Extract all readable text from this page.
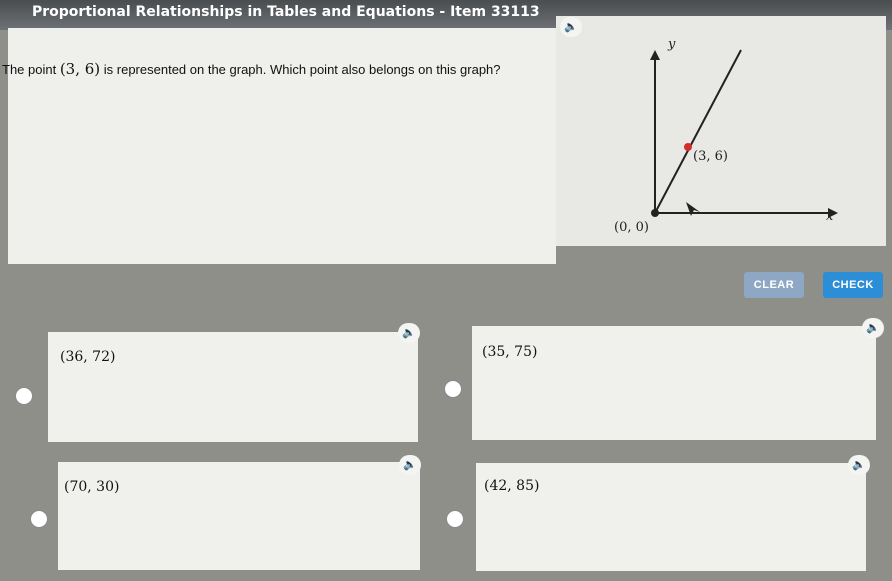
Proportional Relationships in Tables and Equations - Item 33113
🔈
The point (3, 6) is represented on the graph. Which point also belongs on this graph?
y
x
(3, 6)
(0, 0)
CLEAR	CHECK
🔈
(36, 72)
🔈
(35, 75)
🔈
(70, 30)
🔈
(42, 85)
